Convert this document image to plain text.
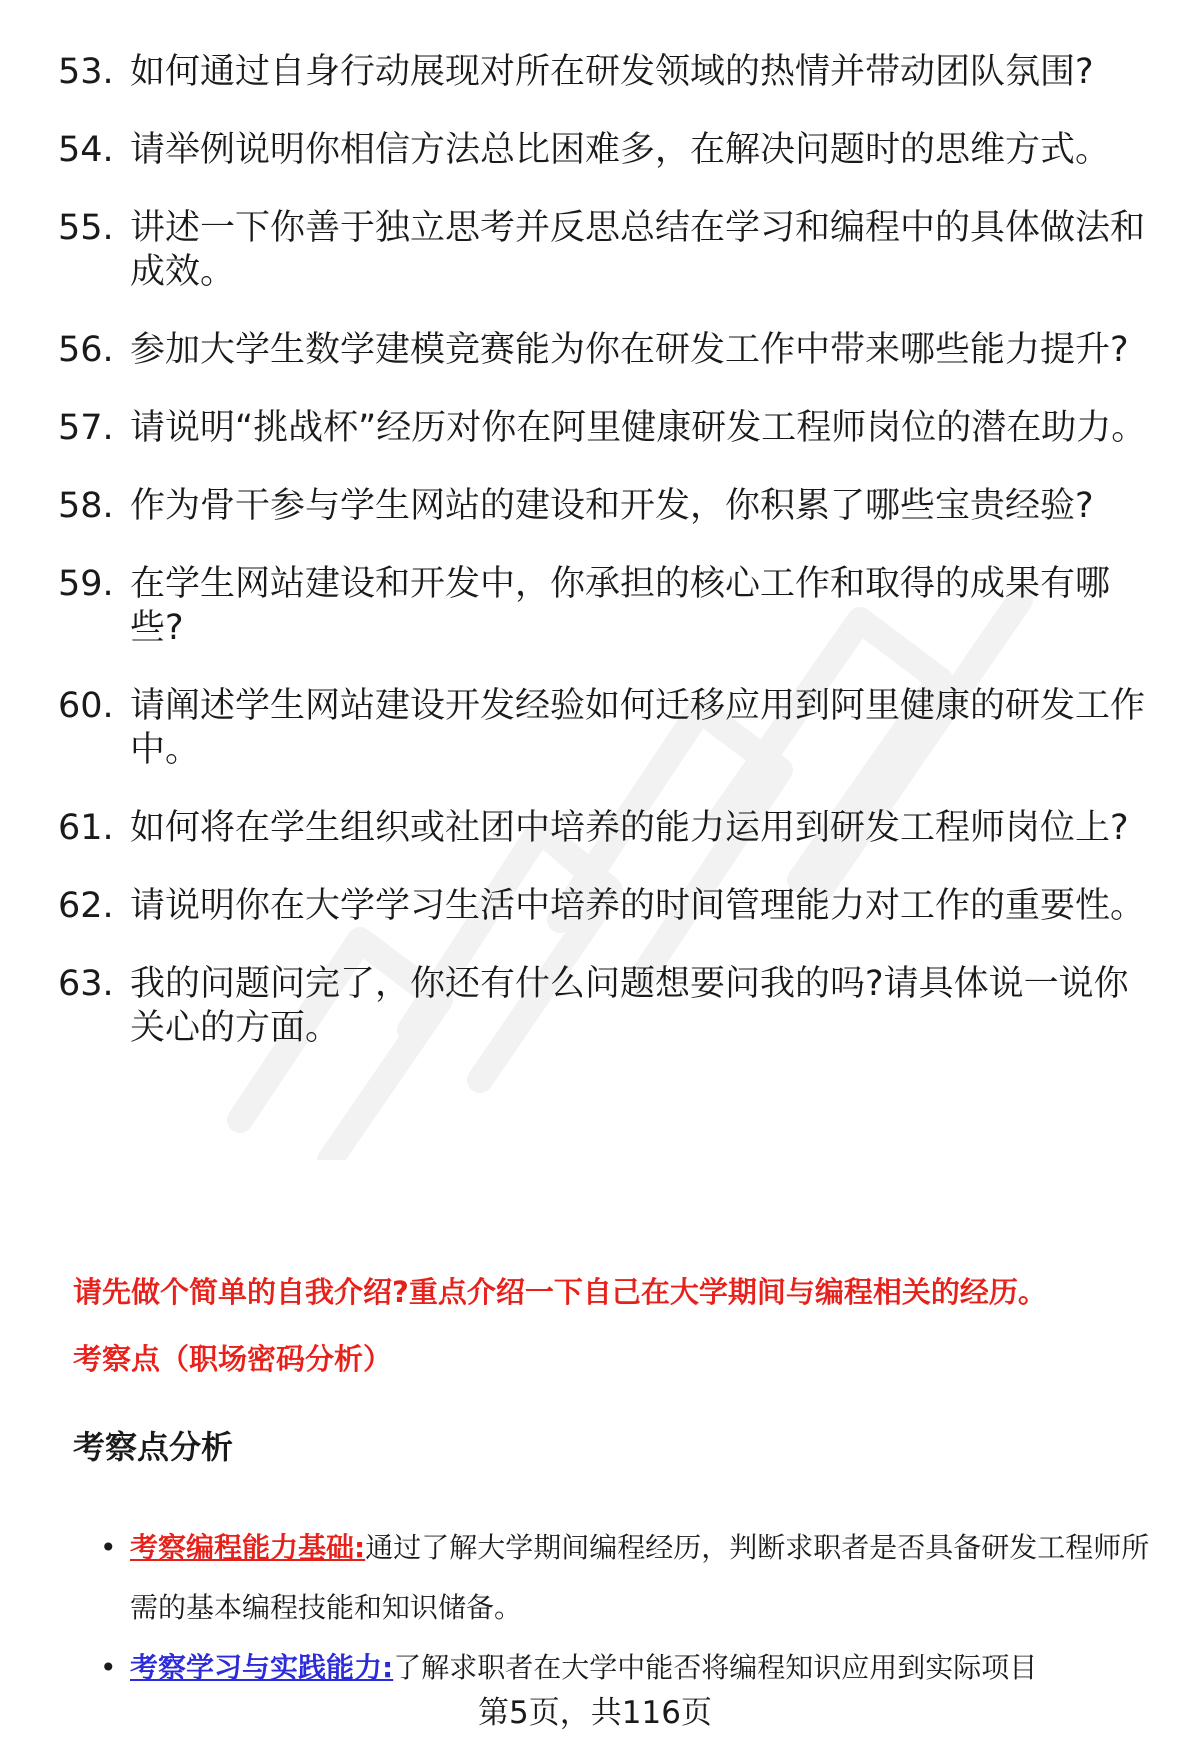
53. 如何通过自身行动展现对所在研发领域的热情并带动团队氛围?
54. 请举例说明你相信方法总比困难多，在解决问题时的思维方式。
55. 讲述一下你善于独立思考并反思总结在学习和编程中的具体做法和成效。
56. 参加大学生数学建模竞赛能为你在研发工作中带来哪些能力提升?
57. 请说明“挑战杯”经历对你在阿里健康研发工程师岗位的潜在助力。
58. 作为骨干参与学生网站的建设和开发，你积累了哪些宝贵经验?
59. 在学生网站建设和开发中，你承担的核心工作和取得的成果有哪些?
60. 请阐述学生网站建设开发经验如何迁移应用到阿里健康的研发工作中。
61. 如何将在学生组织或社团中培养的能力运用到研发工程师岗位上?
62. 请说明你在大学学习生活中培养的时间管理能力对工作的重要性。
63. 我的问题问完了，你还有什么问题想要问我的吗?请具体说一说你关心的方面。
请先做个简单的自我介绍?重点介绍一下自己在大学期间与编程相关的经历。
考察点（职场密码分析）
考察点分析
• 考察编程能力基础:通过了解大学期间编程经历，判断求职者是否具备研发工程师所需的基本编程技能和知识储备。
• 考察学习与实践能力:了解求职者在大学中能否将编程知识应用到实际项目
第5页，共116页
